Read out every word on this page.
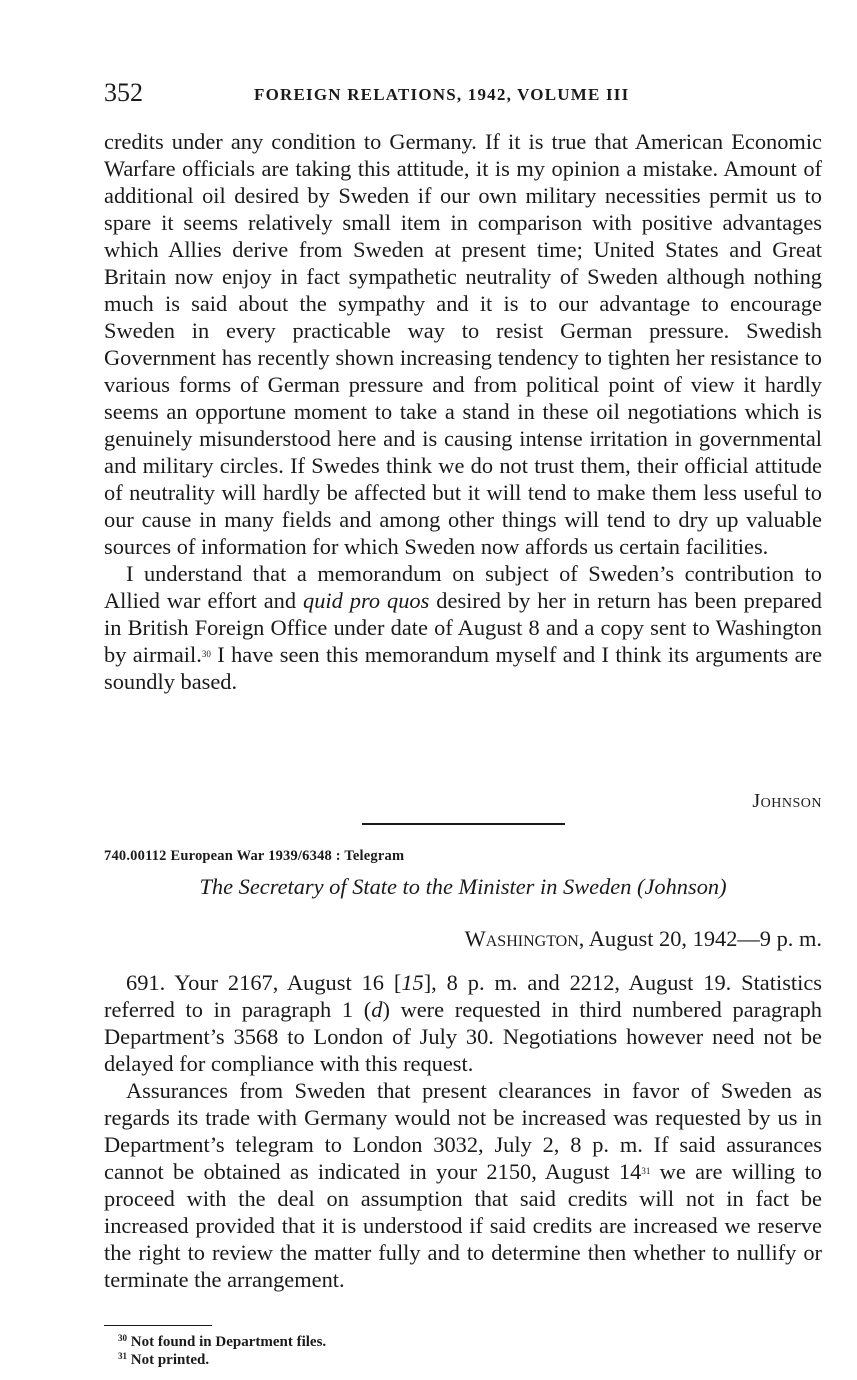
352	FOREIGN RELATIONS, 1942, VOLUME III

credits under any condition to Germany. If it is true that American Economic Warfare officials are taking this attitude, it is my opinion a mistake. Amount of additional oil desired by Sweden if our own military necessities permit us to spare it seems relatively small item in comparison with positive advantages which Allies derive from Sweden at present time; United States and Great Britain now enjoy in fact sympathetic neutrality of Sweden although nothing much is said about the sympathy and it is to our advantage to encourage Sweden in every practicable way to resist German pressure. Swedish Government has recently shown increasing tendency to tighten her resistance to various forms of German pressure and from political point of view it hardly seems an opportune moment to take a stand in these oil negotiations which is genuinely misunderstood here and is causing intense irritation in governmental and military circles. If Swedes think we do not trust them, their official attitude of neutrality will hardly be affected but it will tend to make them less useful to our cause in many fields and among other things will tend to dry up valuable sources of information for which Sweden now affords us certain facilities.

I understand that a memorandum on subject of Sweden’s contribution to Allied war effort and quid pro quos desired by her in return has been prepared in British Foreign Office under date of August 8 and a copy sent to Washington by airmail.$^{30}$ I have seen this memorandum myself and I think its arguments are soundly based.

Johnson
740.00112 European War 1939/6348 : Telegram
The Secretary of State to the Minister in Sweden (Johnson)
Washington, August 20, 1942—9 p. m.

691. Your 2167, August 16 [15], 8 p. m. and 2212, August 19. Statistics referred to in paragraph 1 (d) were requested in third numbered paragraph Department’s 3568 to London of July 30. Negotiations however need not be delayed for compliance with this request.

Assurances from Sweden that present clearances in favor of Sweden as regards its trade with Germany would not be increased was requested by us in Department’s telegram to London 3032, July 2, 8 p. m. If said assurances cannot be obtained as indicated in your 2150, August $14^{31}$ we are willing to proceed with the deal on assumption that said credits will not in fact be increased provided that it is understood if said credits are increased we reserve the right to review the matter fully and to determine then whether to nullify or terminate the arrangement.

$^{30}$ Not found in Department files.
$^{31}$ Not printed.
